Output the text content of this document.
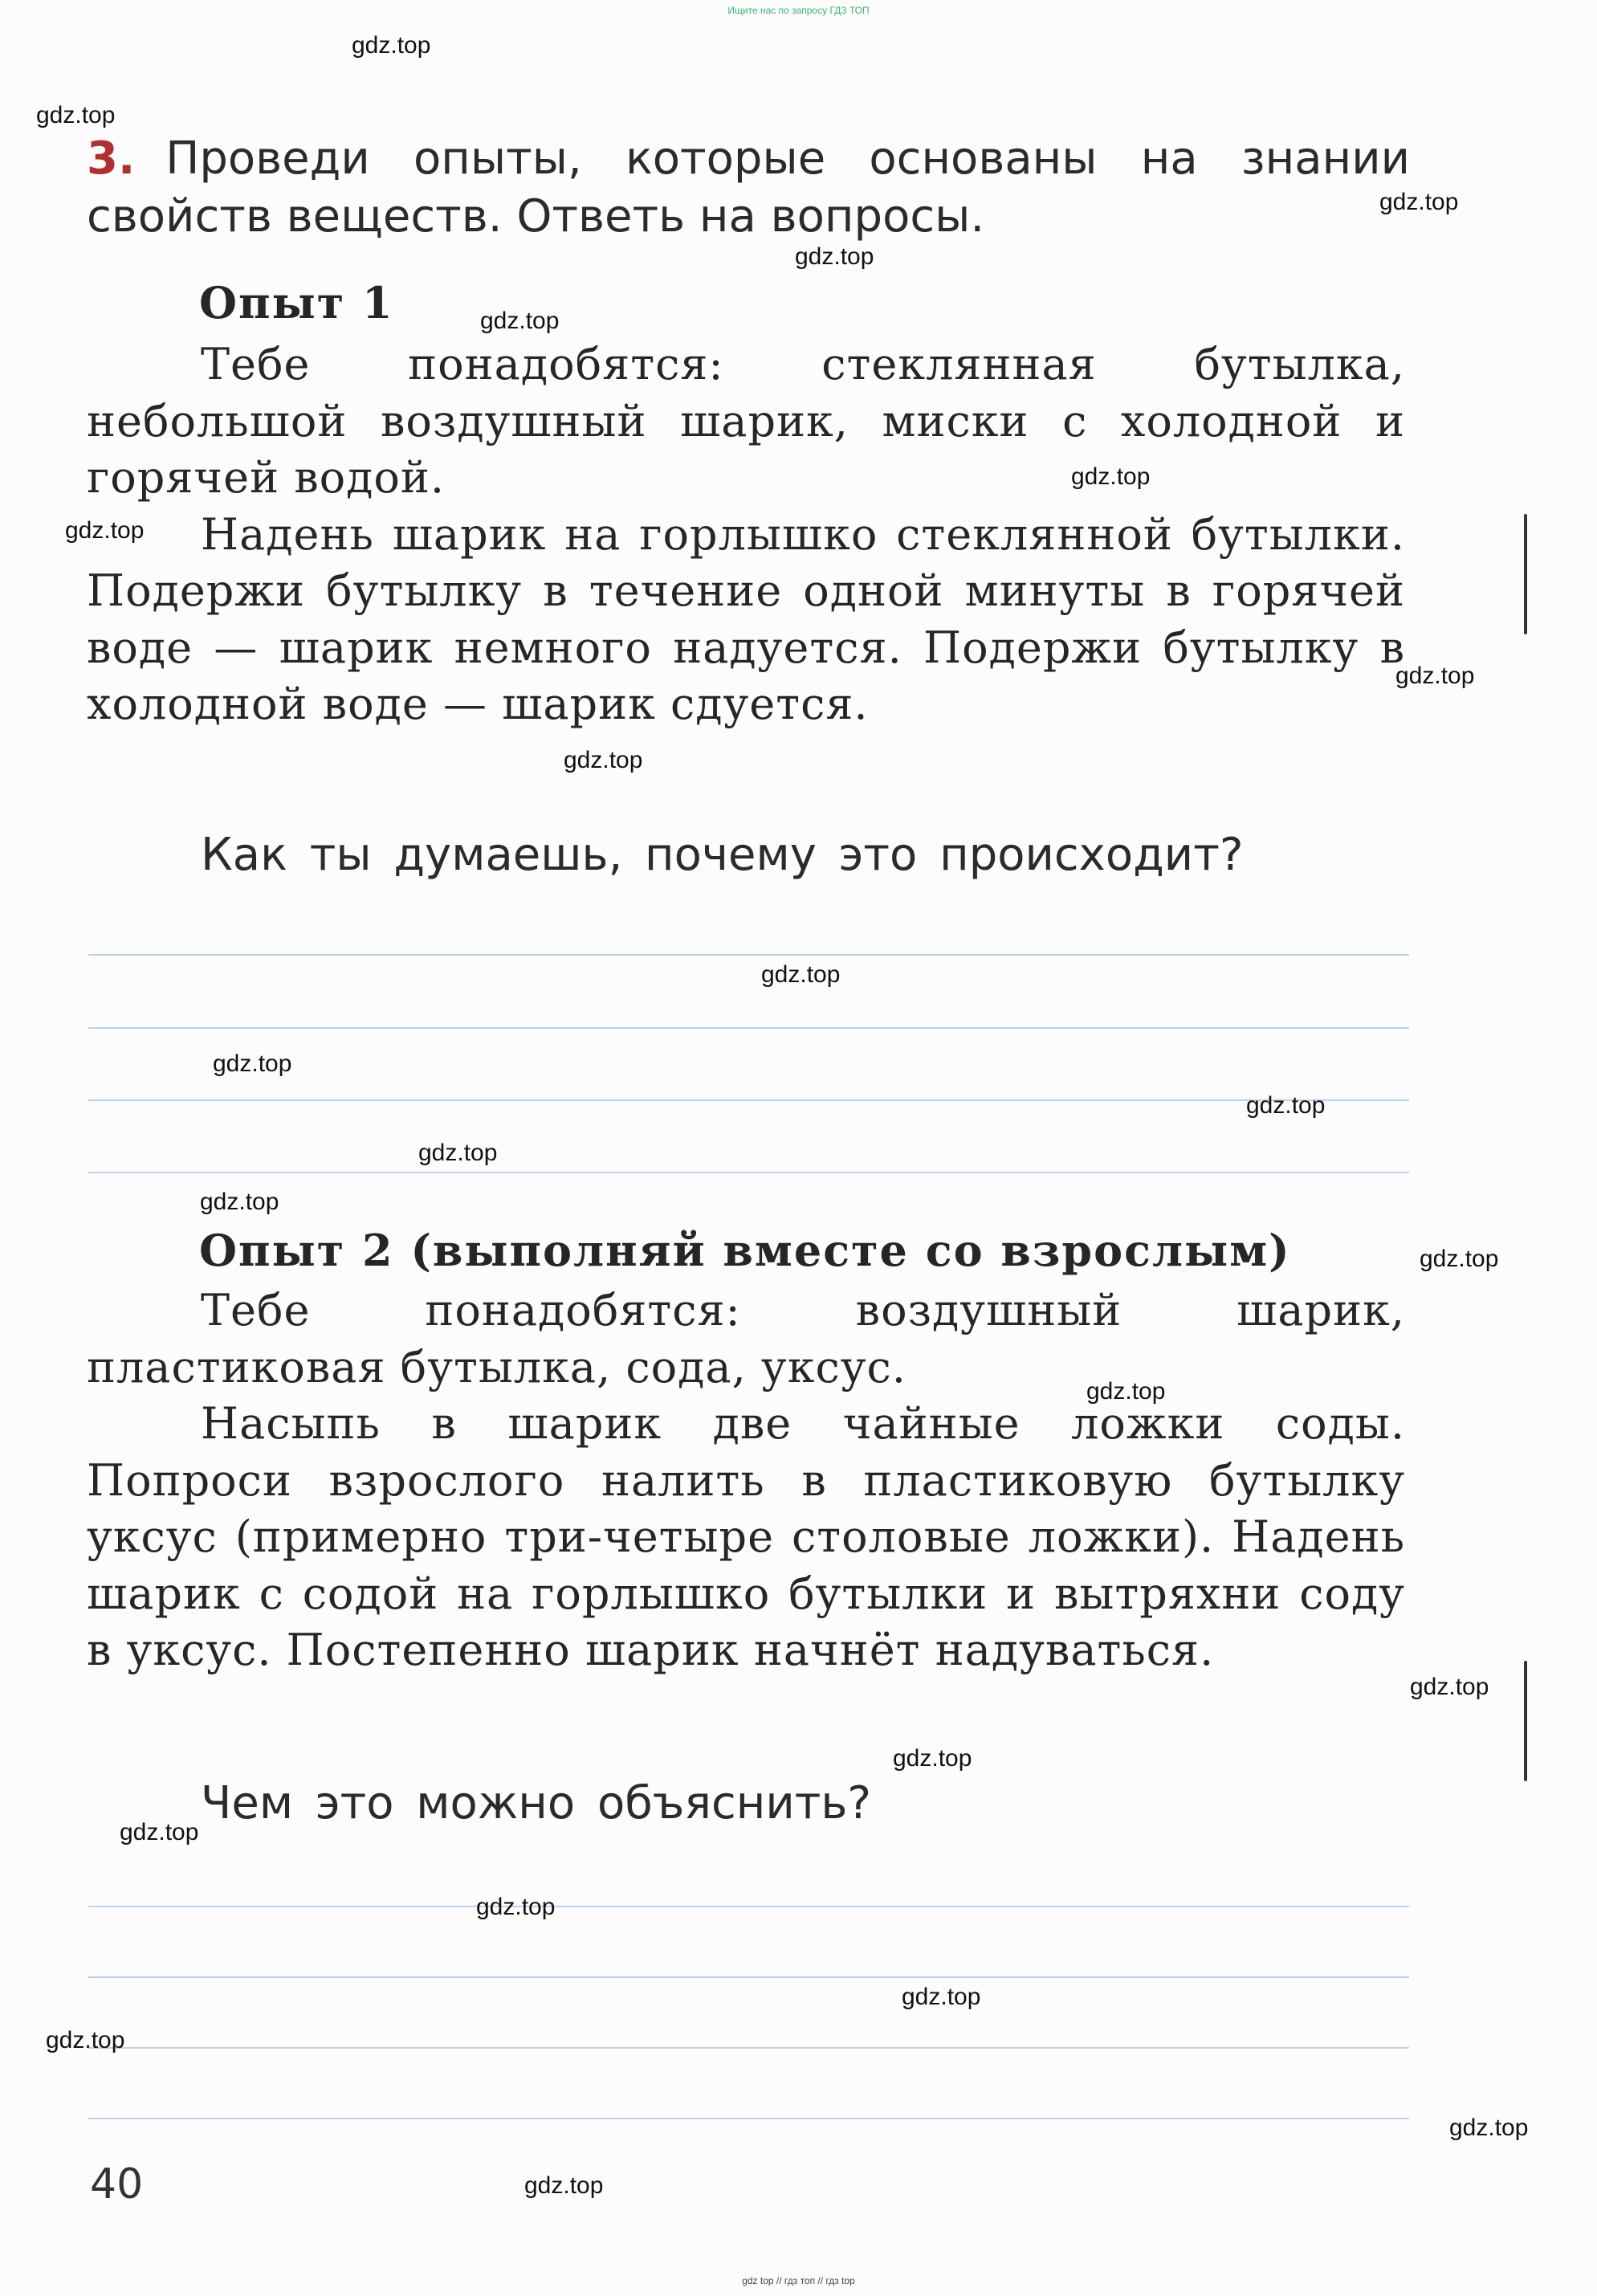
Ищите нас по запросу ГДЗ ТОП
3. Проведи опыты, которые основаны на знании свойств веществ. Ответь на вопросы.
Опыт 1

Тебе понадобятся: стеклянная бутылка, небольшой воздушный шарик, миски с холодной и горячей водой.

Надень шарик на горлышко стеклянной бутылки. Подержи бутылку в течение одной минуты в горячей воде — шарик немного надуется. Подержи бутылку в холодной воде — шарик сдуется.

Как ты думаешь, почему это происходит?
Опыт 2 (выполняй вместе со взрослым)

Тебе понадобятся: воздушный шарик, пластиковая бутылка, сода, уксус.

Насыпь в шарик две чайные ложки соды. Попроси взрослого налить в пластиковую бутылку уксус (примерно три-четыре столовые ложки). Надень шарик с содой на горлышко бутылки и вытряхни соду в уксус. Постепенно шарик начнёт надуваться.

Чем это можно объяснить?
40
gdz.top
gdz.top
gdz.top
gdz.top
gdz.top
gdz.top
gdz.top
gdz.top
gdz.top
gdz.top
gdz.top
gdz.top
gdz.top
gdz.top
gdz.top
gdz.top
gdz.top
gdz.top
gdz.top
gdz.top
gdz.top
gdz.top
gdz.top
gdz.top
gdz top // гдз топ // гдз top
